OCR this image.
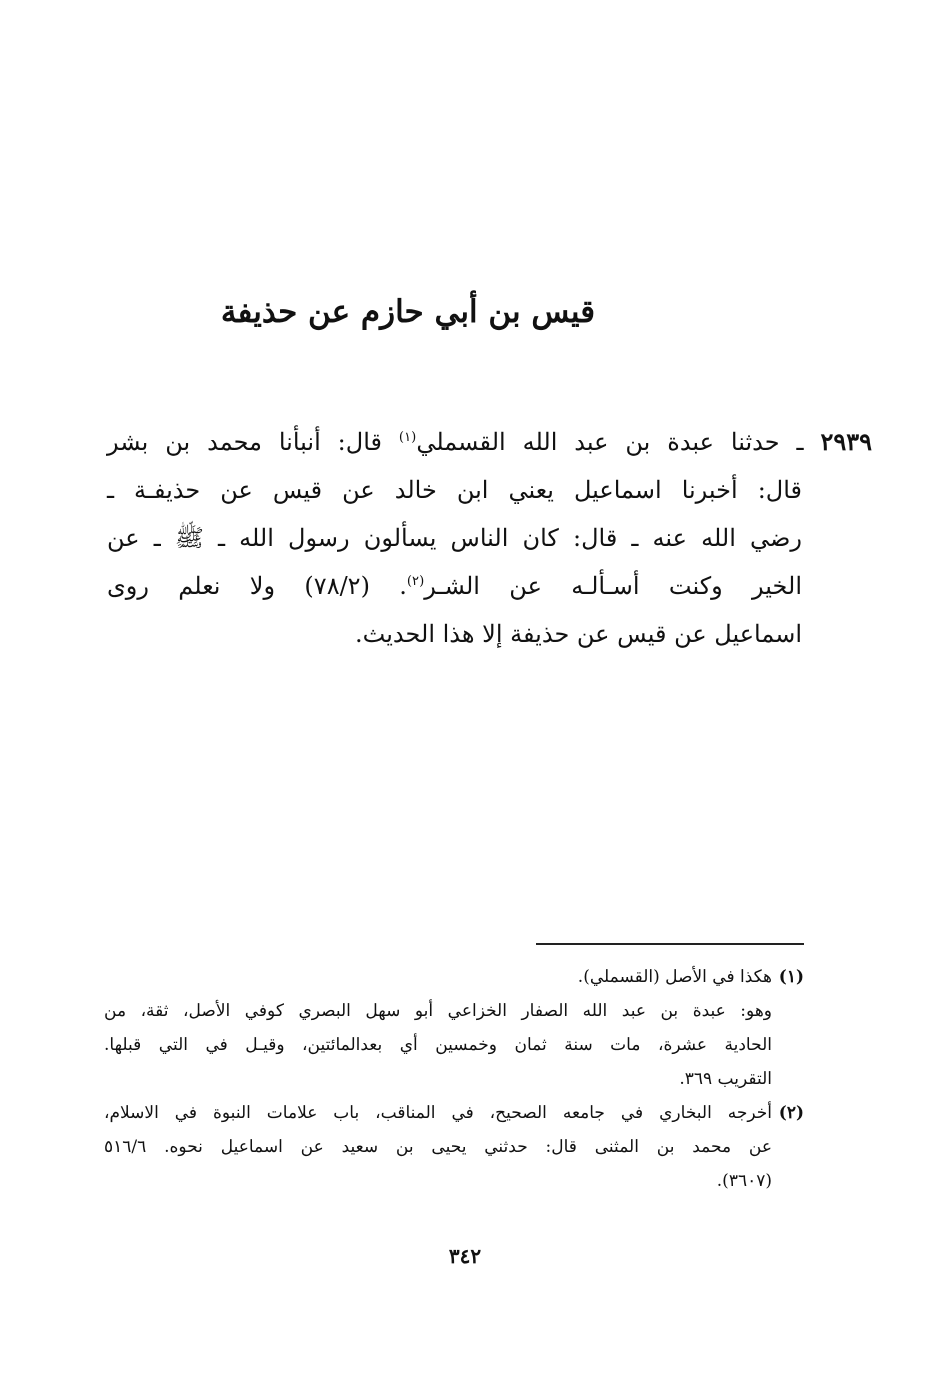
قيس بن أبي حازم عن حذيفة
٢٩٣٩ ـ حدثنا عبدة بن عبد الله القسملي$^{(١)}$ قال: أنبأنا محمد بن بشر
قال: أخبرنا اسماعيل يعني ابن خالد عن قيس عن حذيفـة ـ
رضي الله عنه ـ قال: كان الناس يسألون رسول الله ـ ﷺ ـ عن
الخير وكنت أسـألـه عن الشـر$^{(٢)}$. (٧٨/٢) ولا نعلم روى
اسماعيل عن قيس عن حذيفة إلا هذا الحديث.
(١)هكذا في الأصل (القسملي).
وهو: عبدة بن عبد الله الصفار الخزاعي أبو سهل البصري كوفي الأصل، ثقة، من
الحادية عشرة، مات سنة ثمان وخمسين أي بعدالمائتين، وقيـل في التي قبلها.
التقريب ٣٦٩.
(٢)أخرجه البخاري في جامعه الصحيح، في المناقب، باب علامات النبوة في الاسلام،
عن محمد بن المثنى قال: حدثني يحيى بن سعيد عن اسماعيل نحوه. ٥١٦/٦
(٣٦٠٧).
٣٤٢
